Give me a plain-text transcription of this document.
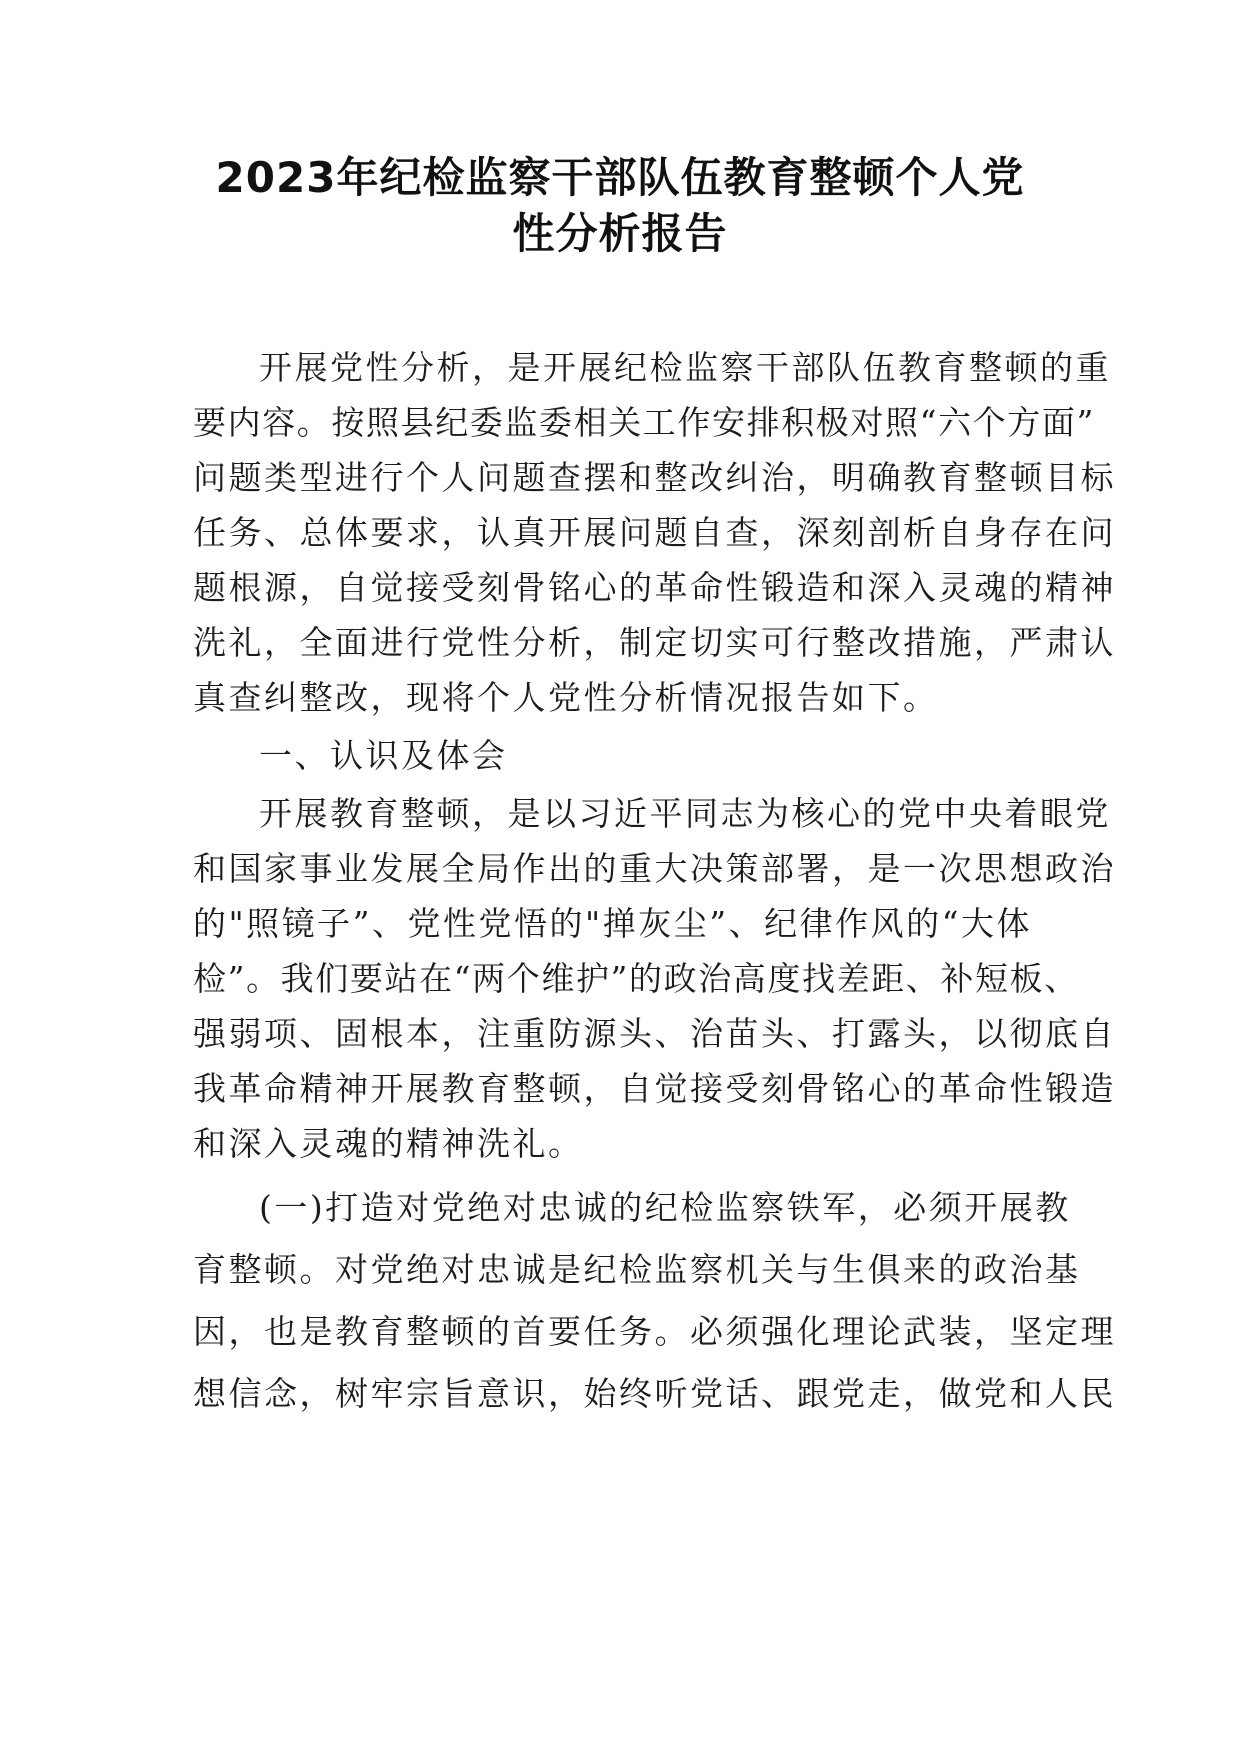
2023年纪检监察干部队伍教育整顿个人党
性分析报告
开展党性分析，是开展纪检监察干部队伍教育整顿的重
要内容。按照县纪委监委相关工作安排积极对照“六个方面”
问题类型进行个人问题查摆和整改纠治，明确教育整顿目标
任务、总体要求，认真开展问题自查，深刻剖析自身存在问
题根源，自觉接受刻骨铭心的革命性锻造和深入灵魂的精神
洗礼，全面进行党性分析，制定切实可行整改措施，严肃认
真查纠整改，现将个人党性分析情况报告如下。
一、认识及体会
开展教育整顿，是以习近平同志为核心的党中央着眼党
和国家事业发展全局作出的重大决策部署，是一次思想政治
的"照镜子”、党性党悟的"掸灰尘”、纪律作风的“大体
检”。我们要站在“两个维护”的政治高度找差距、补短板、
强弱项、固根本，注重防源头、治苗头、打露头，以彻底自
我革命精神开展教育整顿，自觉接受刻骨铭心的革命性锻造
和深入灵魂的精神洗礼。
(一)打造对党绝对忠诚的纪检监察铁军，必须开展教
育整顿。对党绝对忠诚是纪检监察机关与生俱来的政治基
因，也是教育整顿的首要任务。必须强化理论武装，坚定理
想信念，树牢宗旨意识，始终听党话、跟党走，做党和人民
